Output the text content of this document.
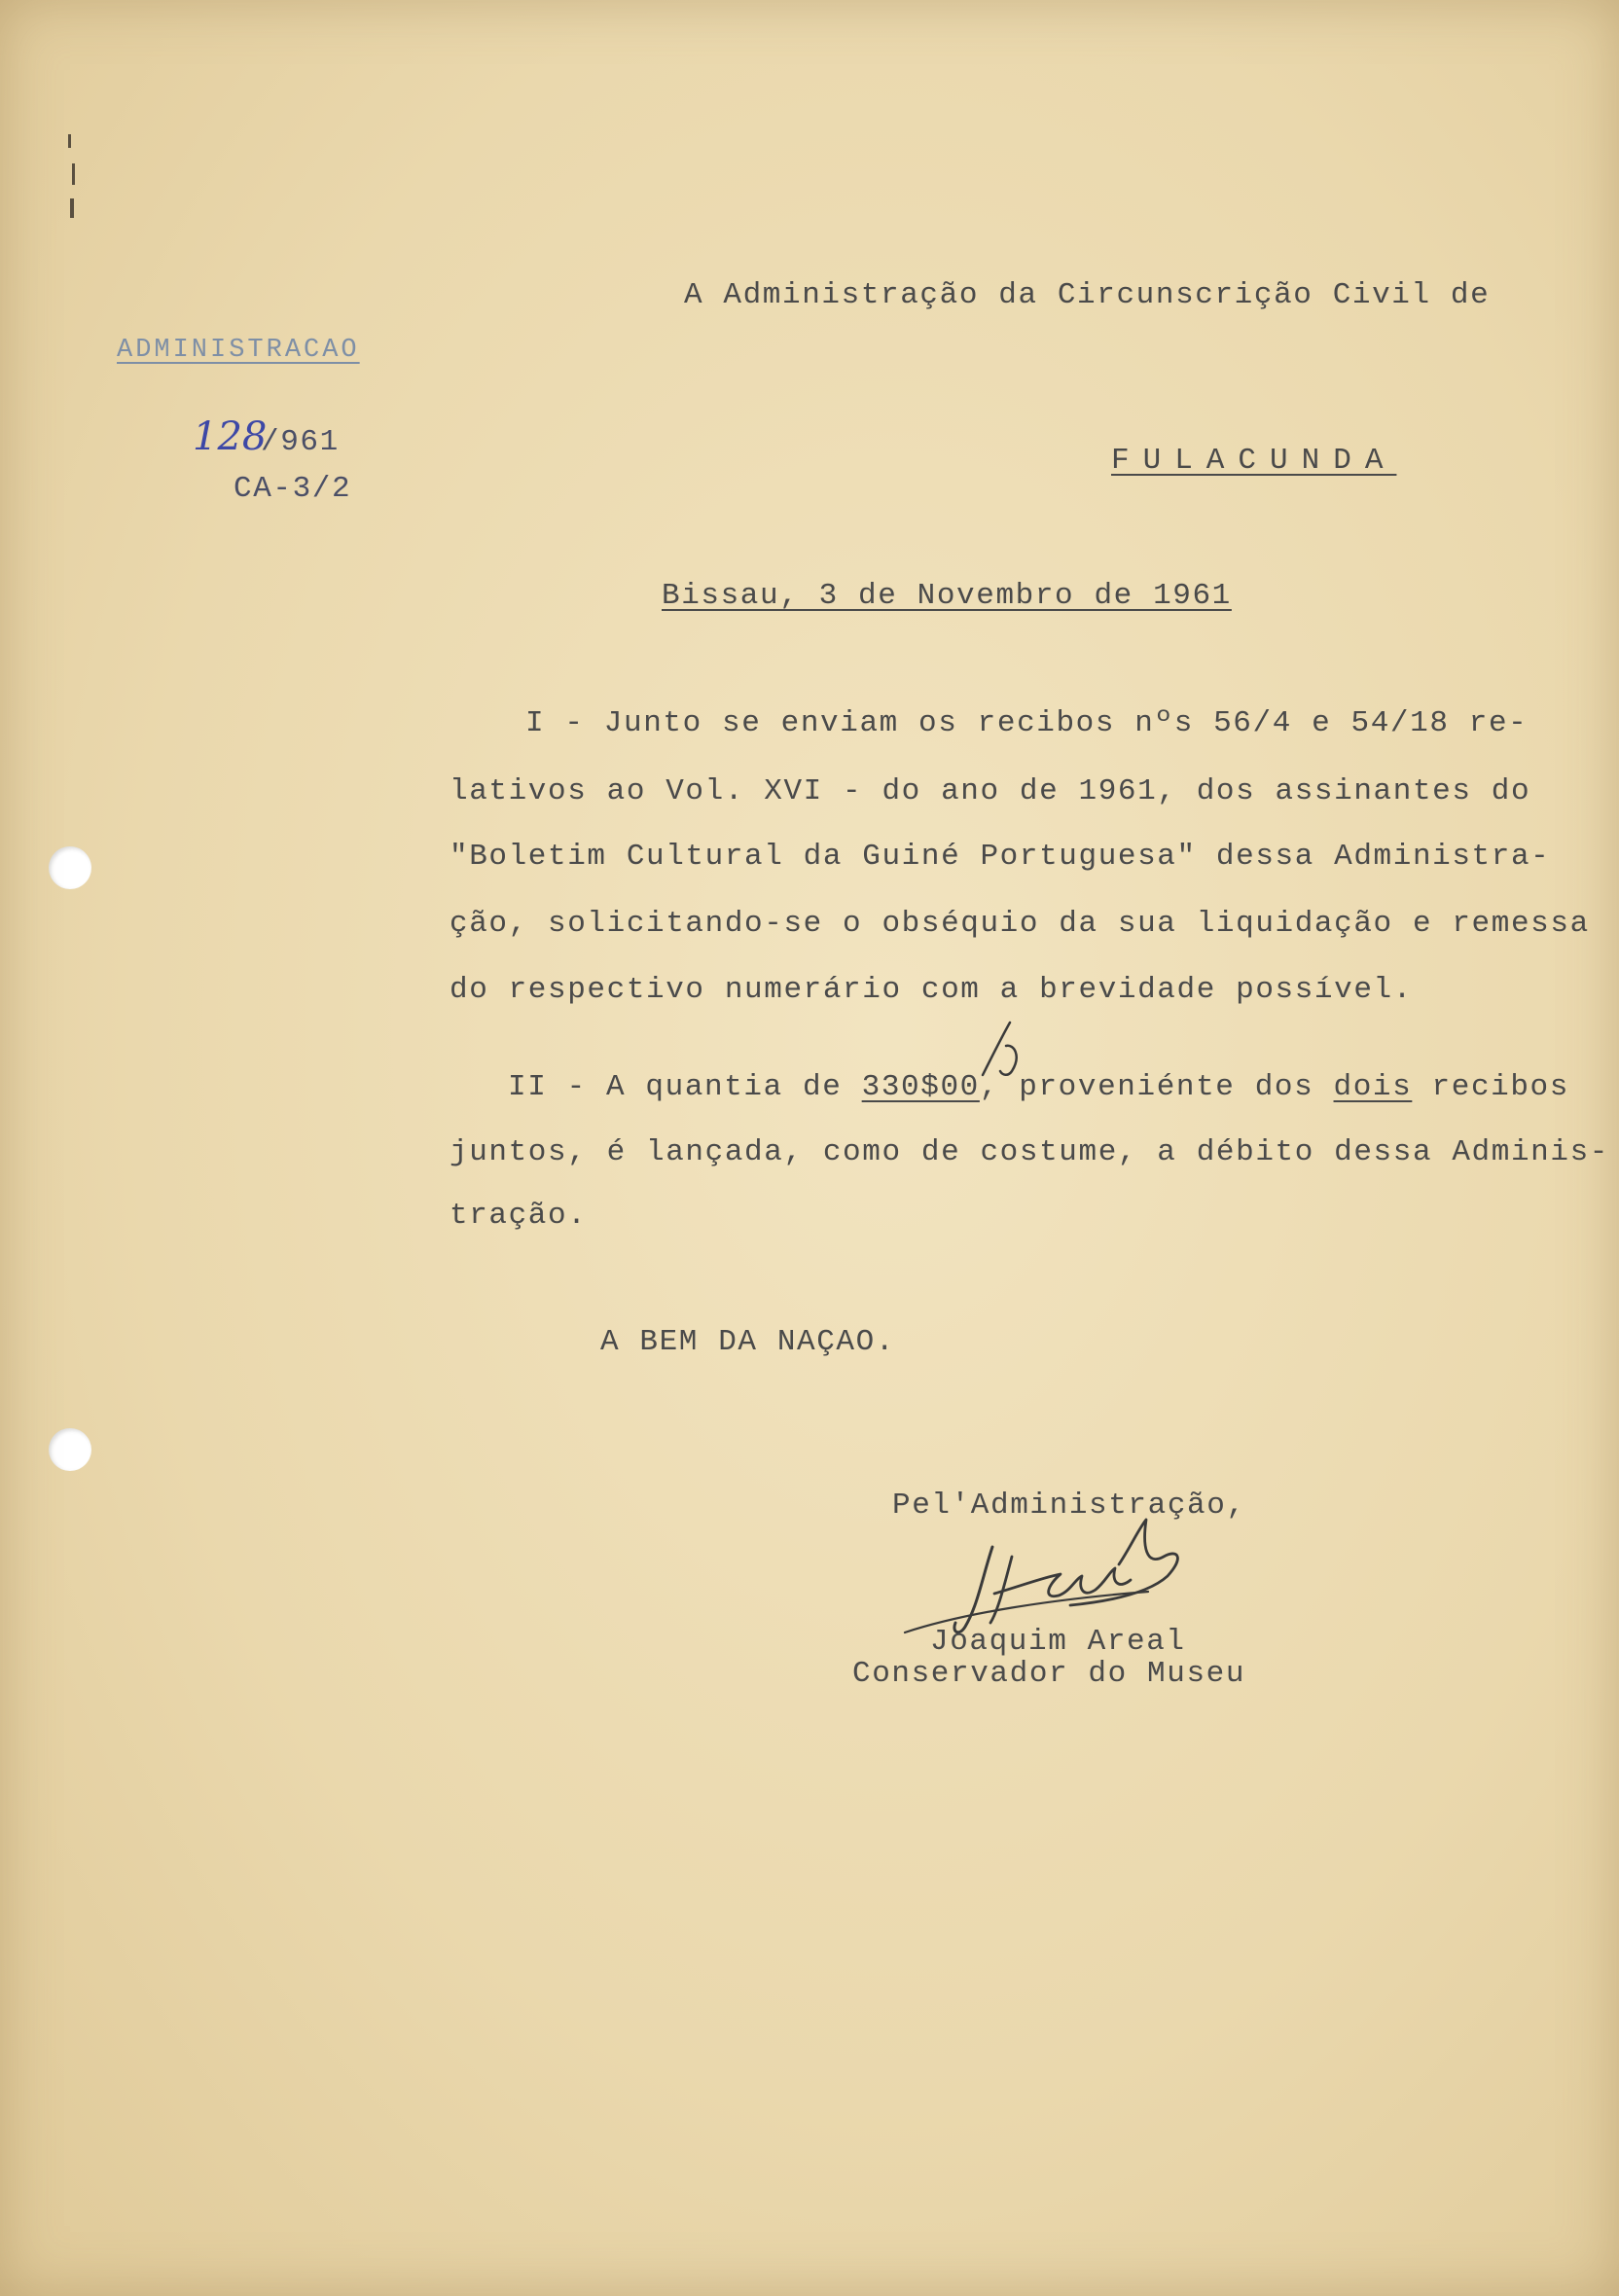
ADMINISTRACAO
128
/961
CA-3/2
A Administração da Circunscrição Civil de
FULACUNDA
Bissau, 3 de Novembro de 1961
I - Junto se enviam os recibos nºs 56/4 e 54/18 re-
lativos ao Vol. XVI - do ano de 1961, dos assinantes do
"Boletim Cultural da Guiné Portuguesa" dessa Administra-
ção, solicitando-se o obséquio da sua liquidação e remessa
do respectivo numerário com a brevidade possível.
II - A quantia de 330$00, proveniénte dos dois recibos
juntos, é lançada, como de costume, a débito dessa Adminis-
tração.
A BEM DA NAÇAO.
Pel'Administração,
Joaquim Areal
Conservador do Museu
